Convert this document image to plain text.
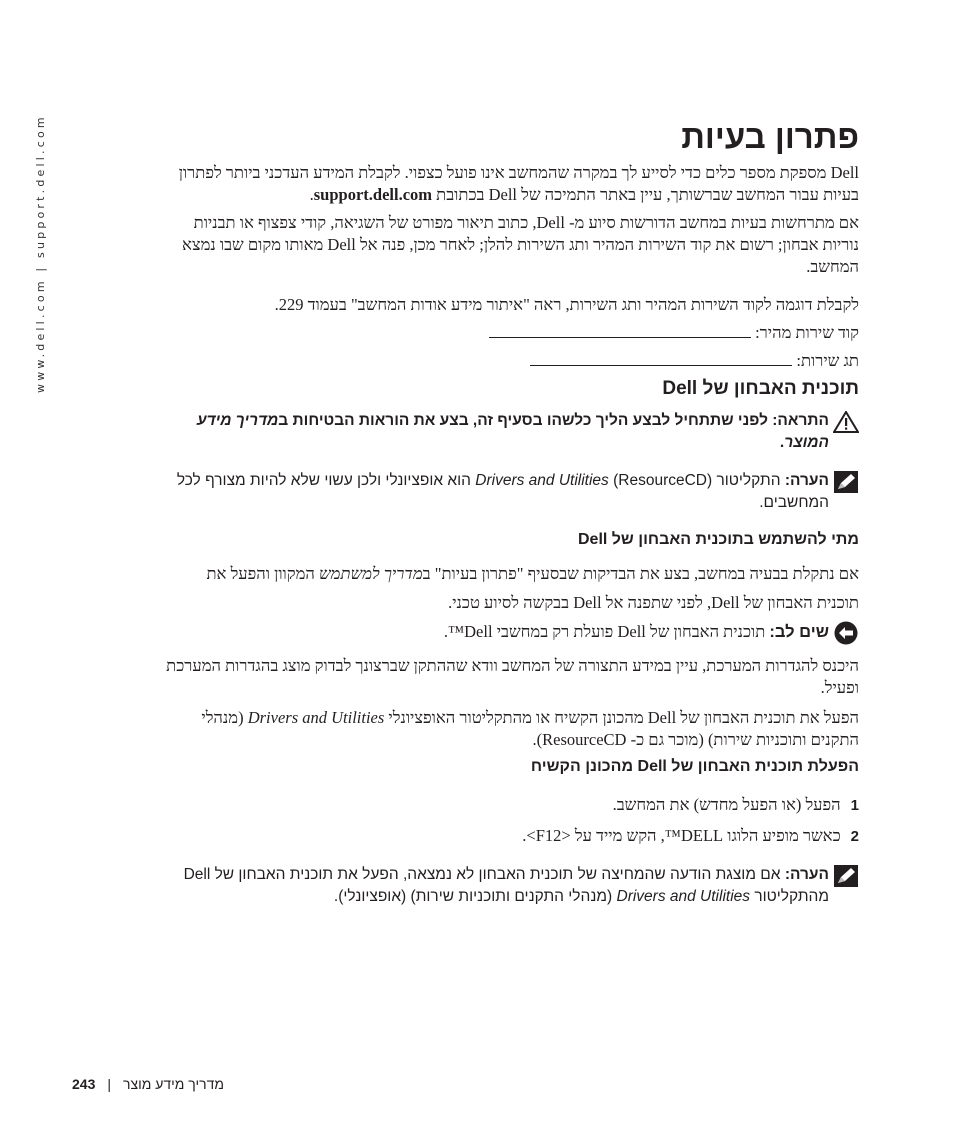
www.dell.com | support.dell.com	פתרון בעיות

Dell מספקת מספר כלים כדי לסייע לך במקרה שהמחשב אינו פועל כצפוי. לקבלת המידע העדכני ביותר לפתרון בעיות עבור המחשב שברשותך, עיין באתר התמיכה של Dell בכתובת support.dell.com.

אם מתרחשות בעיות במחשב הדורשות סיוע מ- Dell, כתוב תיאור מפורט של השגיאה, קודי צפצוף או תבניות נוריות אבחון; רשום את קוד השירות המהיר ותג השירות להלן; לאחר מכן, פנה אל Dell מאותו מקום שבו נמצא המחשב.

לקבלת דוגמה לקוד השירות המהיר ותג השירות, ראה "איתור מידע אודות המחשב" בעמוד 229.

קוד שירות מהיר:

תג שירות:

תוכנית האבחון של Dell

התראה: לפני שתתחיל לבצע הליך כלשהו בסעיף זה, בצע את הוראות הבטיחות במדריך מידע המוצר.

הערה: התקליטור (ResourceCD) Drivers and Utilities הוא אופציונלי ולכן עשוי שלא להיות מצורף לכל המחשבים.

מתי להשתמש בתוכנית האבחון של Dell

אם נתקלת בבעיה במחשב, בצע את הבדיקות שבסעיף "פתרון בעיות" במדריך למשתמש המקוון והפעל את תוכנית האבחון של Dell, לפני שתפנה אל Dell בבקשה לסיוע טכני.

שים לב: תוכנית האבחון של Dell פועלת רק במחשבי Dell™.

היכנס להגדרות המערכת, עיין במידע התצורה של המחשב וודא שההתקן שברצונך לבדוק מוצג בהגדרות המערכת ופעיל.

הפעל את תוכנית האבחון של Dell מהכונן הקשיח או מהתקליטור האופציונלי Drivers and Utilities (מנהלי התקנים ותוכניות שירות) (מוכר גם כ- ResourceCD).

הפעלת תוכנית האבחון של Dell מהכונן הקשיח

1הפעל (או הפעל מחדש) את המחשב.

2כאשר מופיע הלוגו DELL™, הקש מייד על <F12>.

הערה: אם מוצגת הודעה שהמחיצה של תוכנית האבחון לא נמצאה, הפעל את תוכנית האבחון של Dell מהתקליטור Drivers and Utilities (מנהלי התקנים ותוכניות שירות) (אופציונלי).

מדריך מידע מוצר|243
